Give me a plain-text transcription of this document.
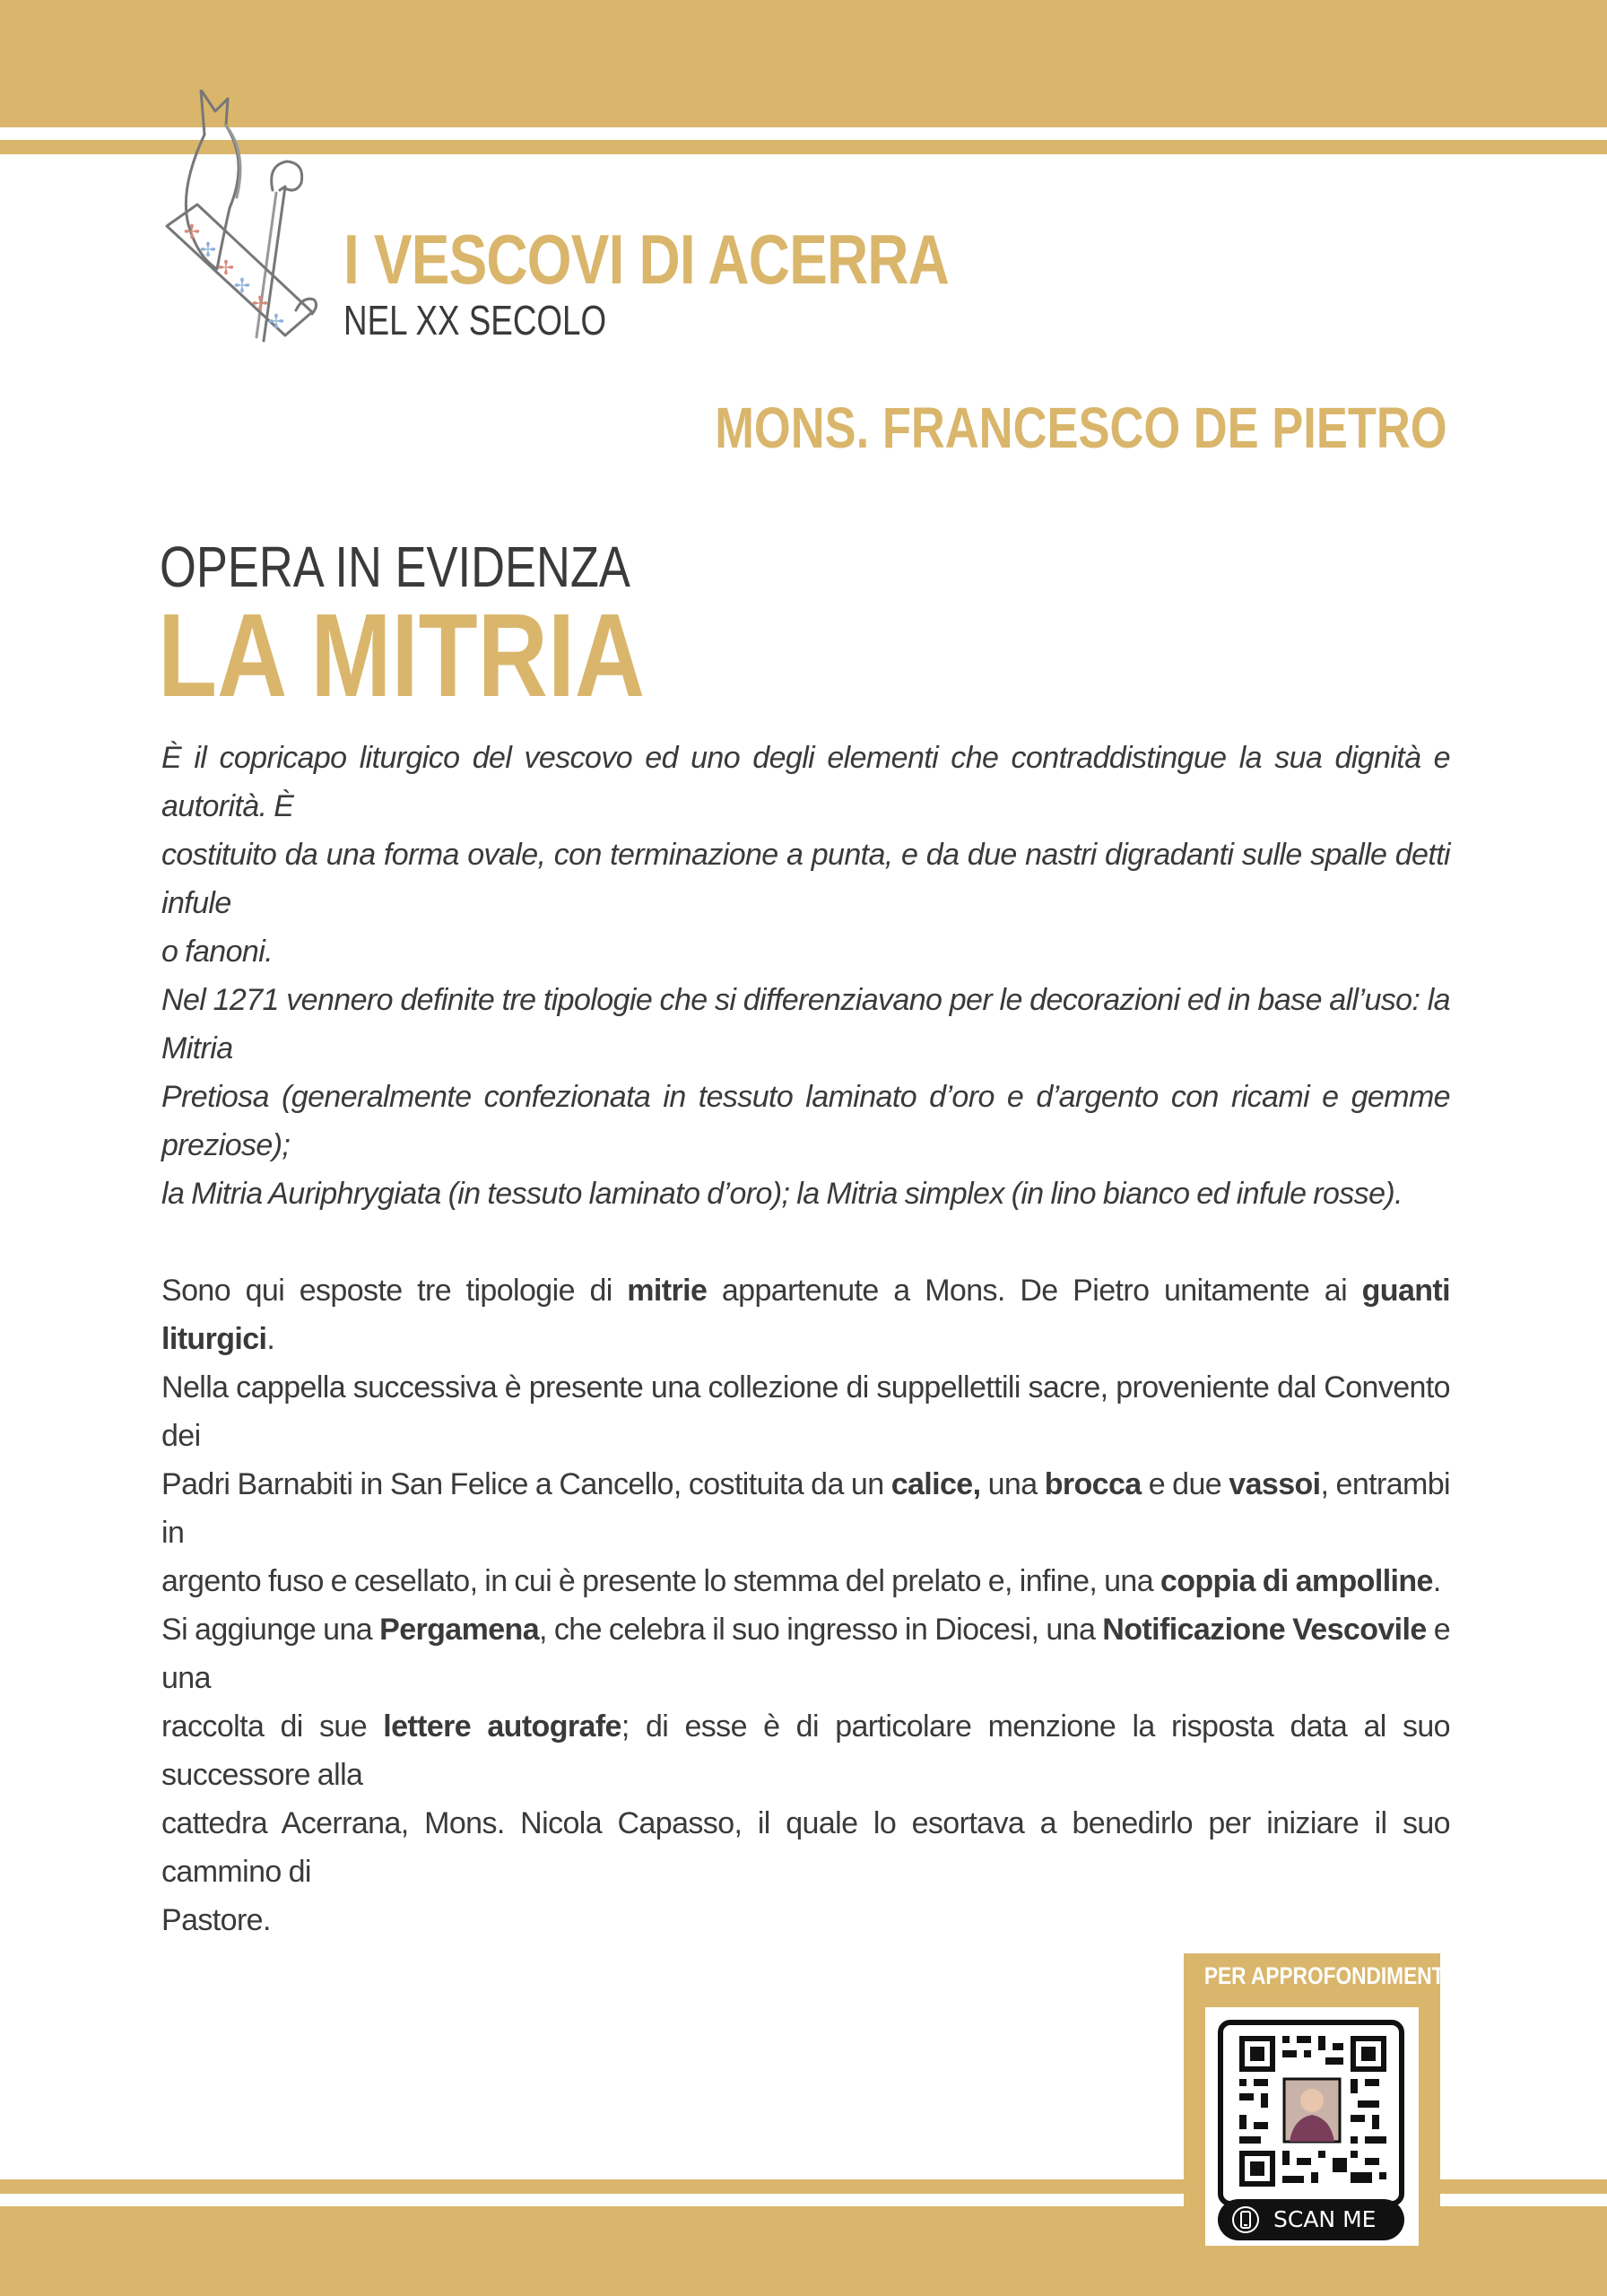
✢
✢
✢
✢
✢
✢
I VESCOVI DI ACERRA
NEL XX SECOLO
MONS. FRANCESCO DE PIETRO
OPERA IN EVIDENZA
LA MITRIA

È il copricapo liturgico del vescovo ed uno degli elementi che contraddistingue la sua dignità e autorità. È
costituito da una forma ovale, con terminazione a punta, e da due nastri digradanti sulle spalle detti infule
o fanoni.
Nel 1271 vennero definite tre tipologie che si differenziavano per le decorazioni ed in base all’uso: la Mitria
Pretiosa (generalmente confezionata in tessuto laminato d’oro e d’argento con ricami e gemme preziose);
la Mitria Auriphrygiata (in tessuto laminato d’oro); la Mitria simplex (in lino bianco ed infule rosse).

Sono qui esposte tre tipologie di mitrie appartenute a Mons. De Pietro unitamente ai guanti liturgici.
Nella cappella successiva è presente una collezione di suppellettili sacre, proveniente dal Convento dei
Padri Barnabiti in San Felice a Cancello, costituita da un calice, una brocca e due vassoi, entrambi in
argento fuso e cesellato, in cui è presente lo stemma del prelato e, infine, una coppia di ampolline.
Si aggiunge una Pergamena, che celebra il suo ingresso in Diocesi, una Notificazione Vescovile e una
raccolta di sue lettere autografe; di esse è di particolare menzione la risposta data al suo successore alla
cattedra Acerrana, Mons. Nicola Capasso, il quale lo esortava a benedirlo per iniziare il suo cammino di
Pastore.

PER APPROFONDIMENTI
SCAN ME
